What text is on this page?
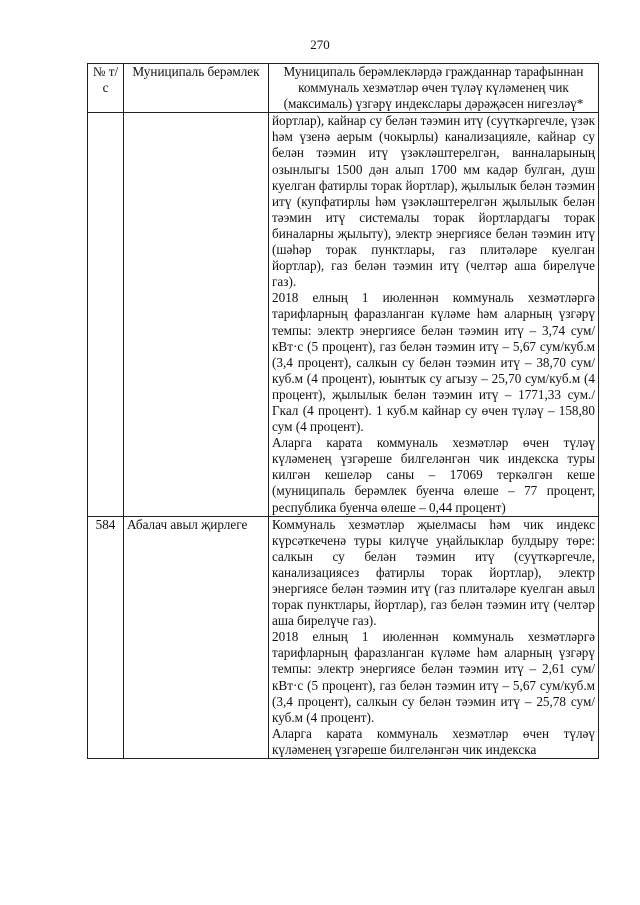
270
№ т/с	Муниципаль берәмлек	Муниципаль берәмлекләрдә гражданнар тарафыннан коммуналь хезмәтләр өчен түләү күләменең чик (максималь) үзгәрү индекслары дәрәҗәсен нигезләү*

		йортлар), кайнар су белән тәэмин итү (суүткәргечле, үзәк һәм үзенә аерым (чокырлы) канализацияле, кайнар су белән тәэмин итү үзәкләштерелгән, ванналарының озынлыгы 1500 дән алып 1700 мм кадәр булган, душ куелган фатирлы торак йортлар), җылылык белән тәэмин итү (купфатирлы һәм үзәкләштерелгән җылылык белән тәэмин итү системалы торак йортлардагы торак биналарны җылыту), электр энергиясе белән тәэмин итү (шәһәр торак пунктлары, газ плитәләре куелган йортлар), газ белән тәэмин итү (челтәр аша бирелүче газ).

2018 елның 1 июленнән коммуналь хезмәтләргә тарифларның фаразланган күләме һәм аларның үзгәрү темпы: электр энергиясе белән тәэмин итү – 3,74 сум/кВт·с (5 процент), газ белән тәэмин итү – 5,67 сум/куб.м (3,4 процент), салкын су белән тәэмин итү – 38,70 сум/куб.м (4 процент), юынтык су агызу – 25,70 сум/куб.м (4 процент), җылылык белән тәэмин итү – 1771,33 сум./Гкал (4 процент). 1 куб.м кайнар су өчен түләү – 158,80 сум (4 процент).

Аларга карата коммуналь хезмәтләр өчен түләү күләменең үзгәреше билгеләнгән чик индекска туры килгән кешеләр саны – 17069 теркәлгән кеше (муниципаль берәмлек буенча өлеше – 77 процент, республика буенча өлеше – 0,44 процент)

584	Абалач авыл җирлеге	Коммуналь хезмәтләр җыелмасы һәм чик индекс күрсәткеченә туры килүче уңайлыклар булдыру төре: салкын су белән тәэмин итү (суүткәргечле, канализациясез фатирлы торак йортлар), электр энергиясе белән тәэмин итү (газ плитәләре куелган авыл торак пунктлары, йортлар), газ белән тәэмин итү (челтәр аша бирелүче газ).

2018 елның 1 июленнән коммуналь хезмәтләргә тарифларның фаразланган күләме һәм аларның үзгәрү темпы: электр энергиясе белән тәэмин итү – 2,61 сум/кВт·с (5 процент), газ белән тәэмин итү – 5,67 сум/куб.м (3,4 процент), салкын су белән тәэмин итү – 25,78 сум/куб.м (4 процент).

Аларга карата коммуналь хезмәтләр өчен түләү күләменең үзгәреше билгеләнгән чик индекска
